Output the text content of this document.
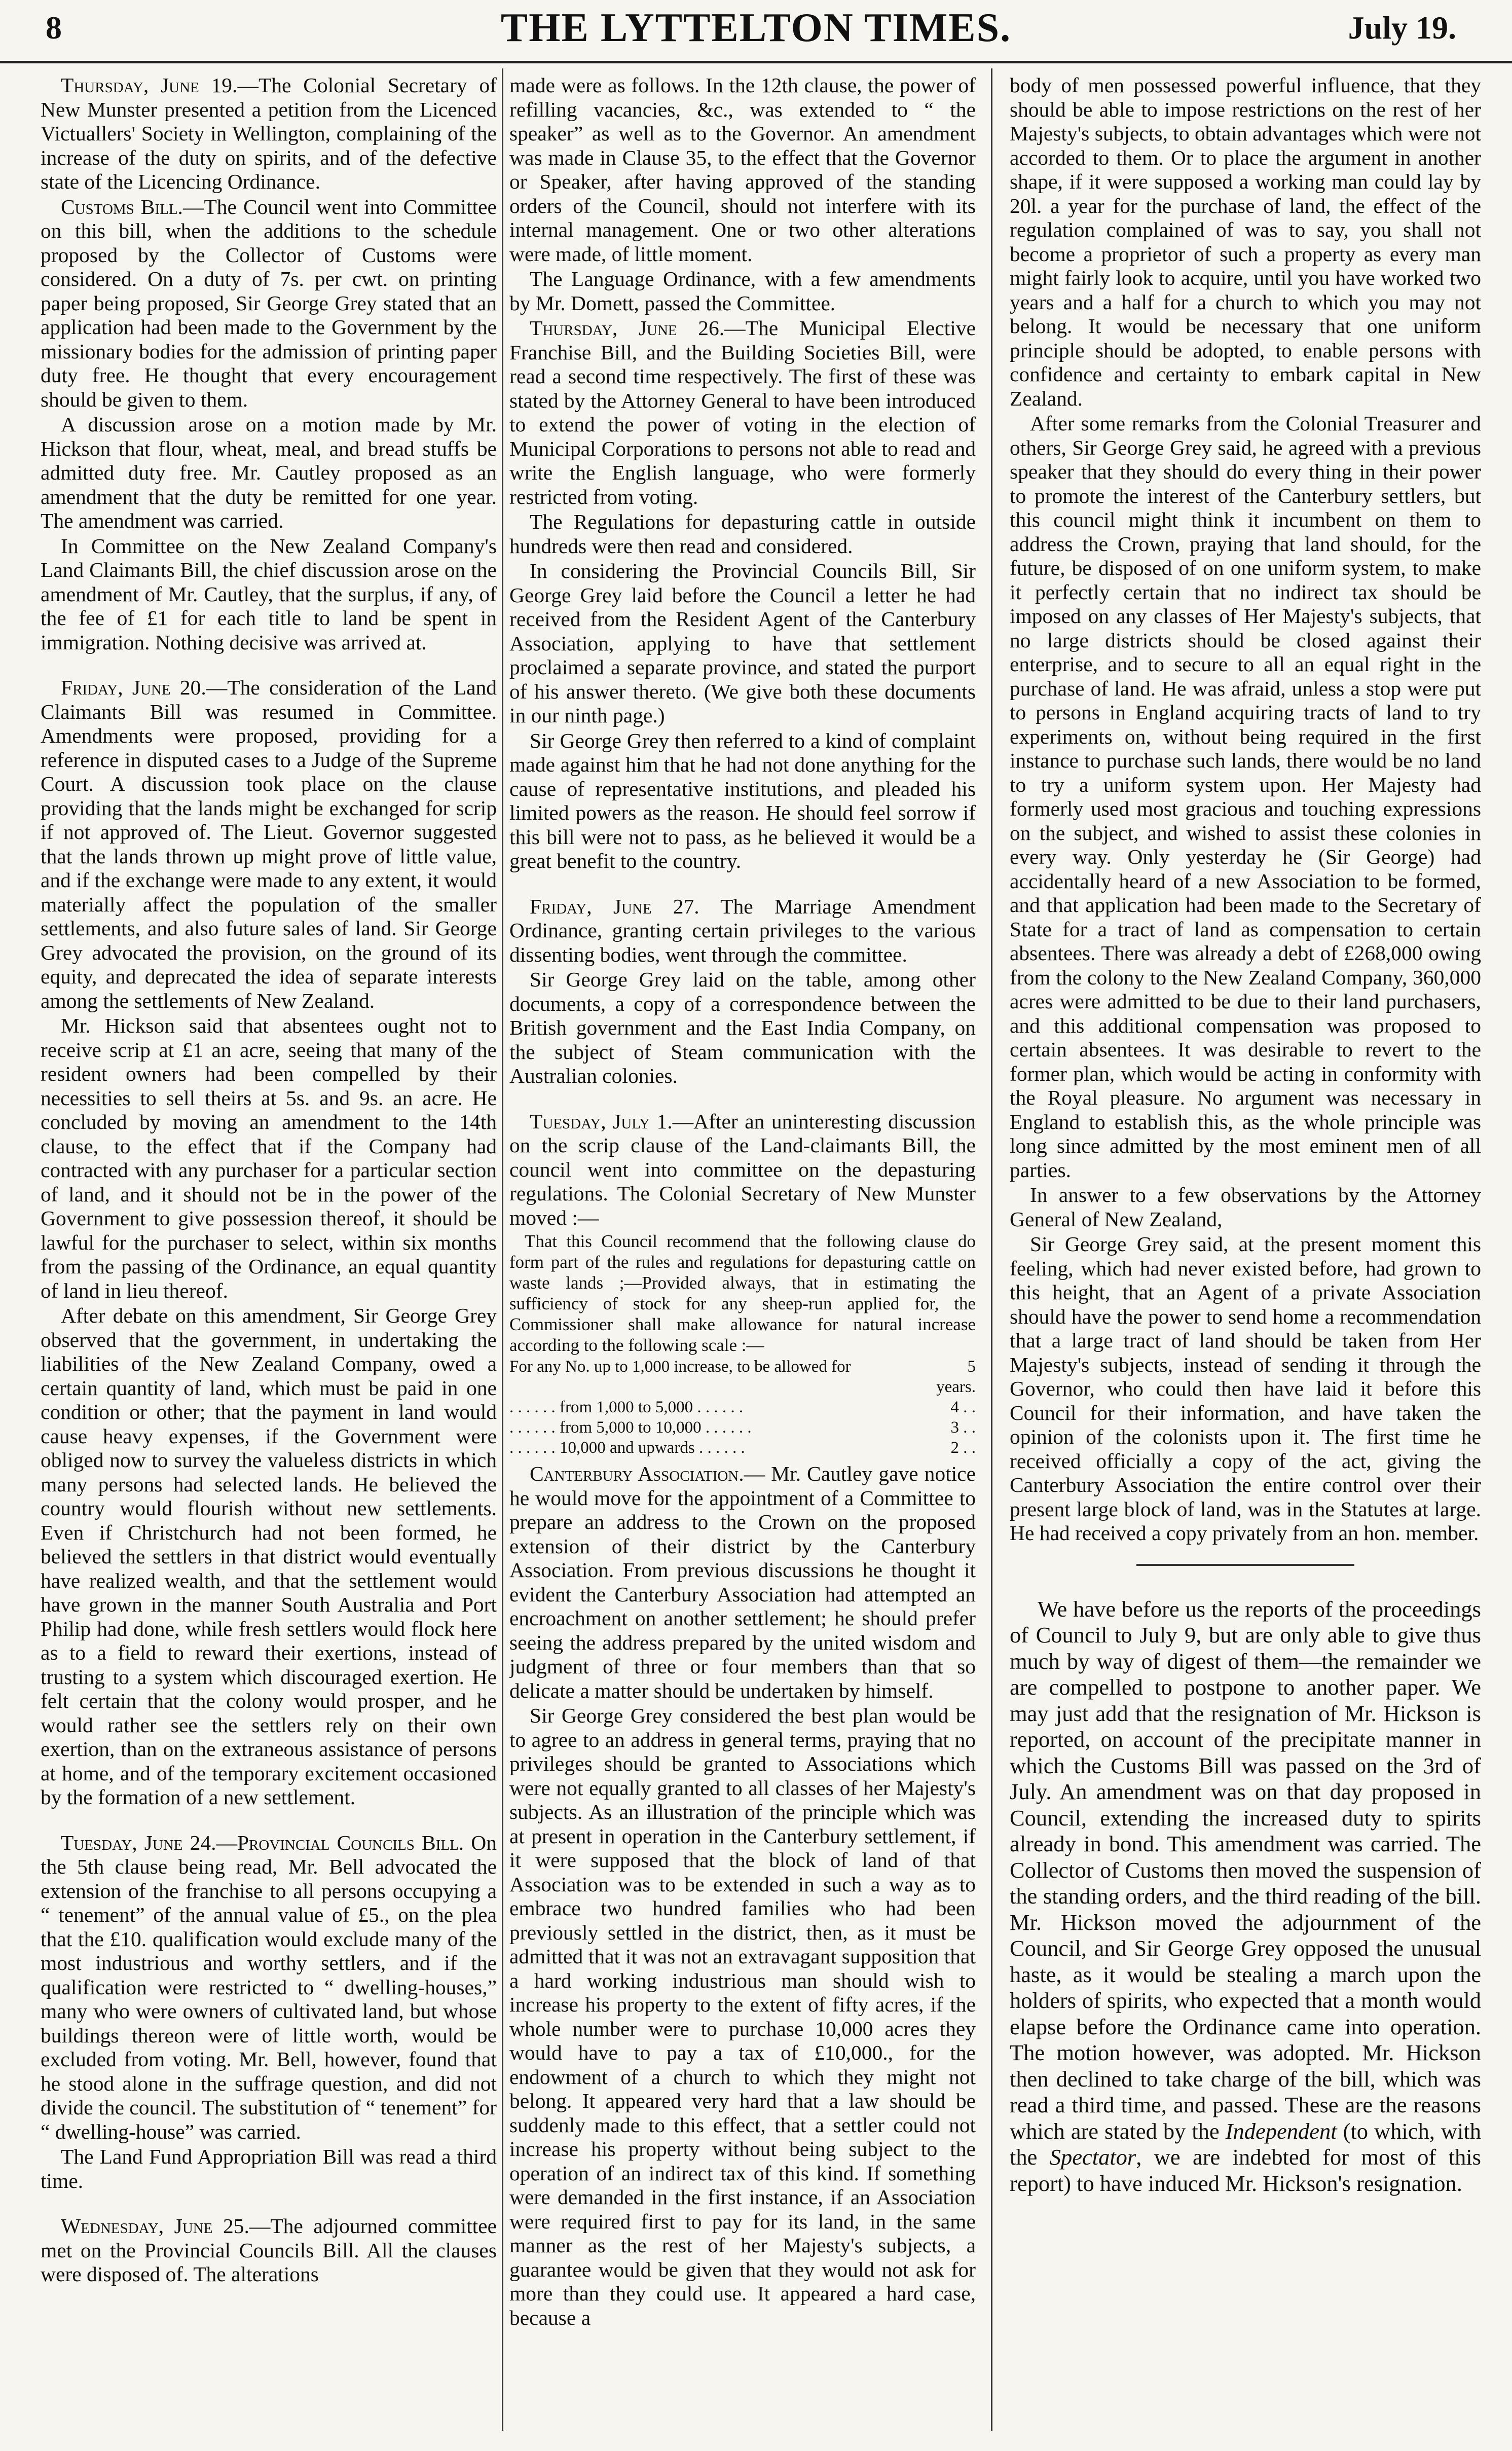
8	THE LYTTELTON TIMES.	July 19.

Thursday, June 19.—The Colonial Secretary of New Munster presented a petition from the Licenced Victuallers' Society in Wellington, complaining of the increase of the duty on spirits, and of the defective state of the Licencing Ordinance.

Customs Bill.—The Council went into Committee on this bill, when the additions to the schedule proposed by the Collector of Customs were considered. On a duty of 7s. per cwt. on printing paper being proposed, Sir George Grey stated that an application had been made to the Government by the missionary bodies for the admission of printing paper duty free. He thought that every encouragement should be given to them.

A discussion arose on a motion made by Mr. Hickson that flour, wheat, meal, and bread stuffs be admitted duty free. Mr. Cautley proposed as an amendment that the duty be remitted for one year. The amendment was carried.

In Committee on the New Zealand Company's Land Claimants Bill, the chief discussion arose on the amendment of Mr. Cautley, that the surplus, if any, of the fee of £1 for each title to land be spent in immigration. Nothing decisive was arrived at.

Friday, June 20.—The consideration of the Land Claimants Bill was resumed in Committee. Amendments were proposed, providing for a reference in disputed cases to a Judge of the Supreme Court. A discussion took place on the clause providing that the lands might be exchanged for scrip if not approved of. The Lieut. Governor suggested that the lands thrown up might prove of little value, and if the exchange were made to any extent, it would materially affect the population of the smaller settlements, and also future sales of land. Sir George Grey advocated the provision, on the ground of its equity, and deprecated the idea of separate interests among the settlements of New Zealand.

Mr. Hickson said that absentees ought not to receive scrip at £1 an acre, seeing that many of the resident owners had been compelled by their necessities to sell theirs at 5s. and 9s. an acre. He concluded by moving an amendment to the 14th clause, to the effect that if the Company had contracted with any purchaser for a particular section of land, and it should not be in the power of the Government to give possession thereof, it should be lawful for the purchaser to select, within six months from the passing of the Ordinance, an equal quantity of land in lieu thereof.

After debate on this amendment, Sir George Grey observed that the government, in undertaking the liabilities of the New Zealand Company, owed a certain quantity of land, which must be paid in one condition or other; that the payment in land would cause heavy expenses, if the Government were obliged now to survey the valueless districts in which many persons had selected lands. He believed the country would flourish without new settlements. Even if Christchurch had not been formed, he believed the settlers in that district would eventually have realized wealth, and that the settlement would have grown in the manner South Australia and Port Philip had done, while fresh settlers would flock here as to a field to reward their exertions, instead of trusting to a system which discouraged exertion. He felt certain that the colony would prosper, and he would rather see the settlers rely on their own exertion, than on the extraneous assistance of persons at home, and of the temporary excitement occasioned by the formation of a new settlement.

Tuesday, June 24.—Provincial Councils Bill. On the 5th clause being read, Mr. Bell advocated the extension of the franchise to all persons occupying a “ tenement” of the annual value of £5., on the plea that the £10. qualification would exclude many of the most industrious and worthy settlers, and if the qualification were restricted to “ dwelling-houses,” many who were owners of cultivated land, but whose buildings thereon were of little worth, would be excluded from voting. Mr. Bell, however, found that he stood alone in the suffrage question, and did not divide the council. The substitution of “ tenement” for “ dwelling-house” was carried.

The Land Fund Appropriation Bill was read a third time.

Wednesday, June 25.—The adjourned committee met on the Provincial Councils Bill. All the clauses were disposed of. The alterations

made were as follows. In the 12th clause, the power of refilling vacancies, &c., was extended to “ the speaker” as well as to the Governor. An amendment was made in Clause 35, to the effect that the Governor or Speaker, after having approved of the standing orders of the Council, should not interfere with its internal management. One or two other alterations were made, of little moment.

The Language Ordinance, with a few amendments by Mr. Domett, passed the Committee.

Thursday, June 26.—The Municipal Elective Franchise Bill, and the Building Societies Bill, were read a second time respectively. The first of these was stated by the Attorney General to have been introduced to extend the power of voting in the election of Municipal Corporations to persons not able to read and write the English language, who were formerly restricted from voting.

The Regulations for depasturing cattle in outside hundreds were then read and considered.

In considering the Provincial Councils Bill, Sir George Grey laid before the Council a letter he had received from the Resident Agent of the Canterbury Association, applying to have that settlement proclaimed a separate province, and stated the purport of his answer thereto. (We give both these documents in our ninth page.)

Sir George Grey then referred to a kind of complaint made against him that he had not done anything for the cause of representative institutions, and pleaded his limited powers as the reason. He should feel sorrow if this bill were not to pass, as he believed it would be a great benefit to the country.

Friday, June 27. The Marriage Amendment Ordinance, granting certain privileges to the various dissenting bodies, went through the committee.

Sir George Grey laid on the table, among other documents, a copy of a correspondence between the British government and the East India Company, on the subject of Steam communication with the Australian colonies.

Tuesday, July 1.—After an uninteresting discussion on the scrip clause of the Land-claimants Bill, the council went into committee on the depasturing regulations. The Colonial Secretary of New Munster moved :—

That this Council recommend that the following clause do form part of the rules and regulations for depasturing cattle on waste lands ;—Provided always, that in estimating the sufficiency of stock for any sheep-run applied for, the Commissioner shall make allowance for natural increase according to the following scale :—

For any No. up to 1,000 increase, to be allowed for	5 years.
. . . . . . from 1,000 to 5,000 . . . . . .	4 . .
. . . . . . from 5,000 to 10,000 . . . . . .	3 . .
. . . . . . 10,000 and upwards . . . . . .	2 . .

Canterbury Association.— Mr. Cautley gave notice he would move for the appointment of a Committee to prepare an address to the Crown on the proposed extension of their district by the Canterbury Association. From previous discussions he thought it evident the Canterbury Association had attempted an encroachment on another settlement; he should prefer seeing the address prepared by the united wisdom and judgment of three or four members than that so delicate a matter should be undertaken by himself.

Sir George Grey considered the best plan would be to agree to an address in general terms, praying that no privileges should be granted to Associations which were not equally granted to all classes of her Majesty's subjects. As an illustration of the principle which was at present in operation in the Canterbury settlement, if it were supposed that the block of land of that Association was to be extended in such a way as to embrace two hundred families who had been previously settled in the district, then, as it must be admitted that it was not an extravagant supposition that a hard working industrious man should wish to increase his property to the extent of fifty acres, if the whole number were to purchase 10,000 acres they would have to pay a tax of £10,000., for the endowment of a church to which they might not belong. It appeared very hard that a law should be suddenly made to this effect, that a settler could not increase his property without being subject to the operation of an indirect tax of this kind. If something were demanded in the first instance, if an Association were required first to pay for its land, in the same manner as the rest of her Majesty's subjects, a guarantee would be given that they would not ask for more than they could use. It appeared a hard case, because a

body of men possessed powerful influence, that they should be able to impose restrictions on the rest of her Majesty's subjects, to obtain advantages which were not accorded to them. Or to place the argument in another shape, if it were supposed a working man could lay by 20l. a year for the purchase of land, the effect of the regulation complained of was to say, you shall not become a proprietor of such a property as every man might fairly look to acquire, until you have worked two years and a half for a church to which you may not belong. It would be necessary that one uniform principle should be adopted, to enable persons with confidence and certainty to embark capital in New Zealand.

After some remarks from the Colonial Treasurer and others, Sir George Grey said, he agreed with a previous speaker that they should do every thing in their power to promote the interest of the Canterbury settlers, but this council might think it incumbent on them to address the Crown, praying that land should, for the future, be disposed of on one uniform system, to make it perfectly certain that no indirect tax should be imposed on any classes of Her Majesty's subjects, that no large districts should be closed against their enterprise, and to secure to all an equal right in the purchase of land. He was afraid, unless a stop were put to persons in England acquiring tracts of land to try experiments on, without being required in the first instance to purchase such lands, there would be no land to try a uniform system upon. Her Majesty had formerly used most gracious and touching expressions on the subject, and wished to assist these colonies in every way. Only yesterday he (Sir George) had accidentally heard of a new Association to be formed, and that application had been made to the Secretary of State for a tract of land as compensation to certain absentees. There was already a debt of £268,000 owing from the colony to the New Zealand Company, 360,000 acres were admitted to be due to their land purchasers, and this additional compensation was proposed to certain absentees. It was desirable to revert to the former plan, which would be acting in conformity with the Royal pleasure. No argument was necessary in England to establish this, as the whole principle was long since admitted by the most eminent men of all parties.

In answer to a few observations by the Attorney General of New Zealand,

Sir George Grey said, at the present moment this feeling, which had never existed before, had grown to this height, that an Agent of a private Association should have the power to send home a recommendation that a large tract of land should be taken from Her Majesty's subjects, instead of sending it through the Governor, who could then have laid it before this Council for their information, and have taken the opinion of the colonists upon it. The first time he received officially a copy of the act, giving the Canterbury Association the entire control over their present large block of land, was in the Statutes at large. He had received a copy privately from an hon. member.

We have before us the reports of the proceedings of Council to July 9, but are only able to give thus much by way of digest of them—the remainder we are compelled to postpone to another paper. We may just add that the resignation of Mr. Hickson is reported, on account of the precipitate manner in which the Customs Bill was passed on the 3rd of July. An amendment was on that day proposed in Council, extending the increased duty to spirits already in bond. This amendment was carried. The Collector of Customs then moved the suspension of the standing orders, and the third reading of the bill. Mr. Hickson moved the adjournment of the Council, and Sir George Grey opposed the unusual haste, as it would be stealing a march upon the holders of spirits, who expected that a month would elapse before the Ordinance came into operation. The motion however, was adopted. Mr. Hickson then declined to take charge of the bill, which was read a third time, and passed. These are the reasons which are stated by the Independent (to which, with the Spectator, we are indebted for most of this report) to have induced Mr. Hickson's resignation.
